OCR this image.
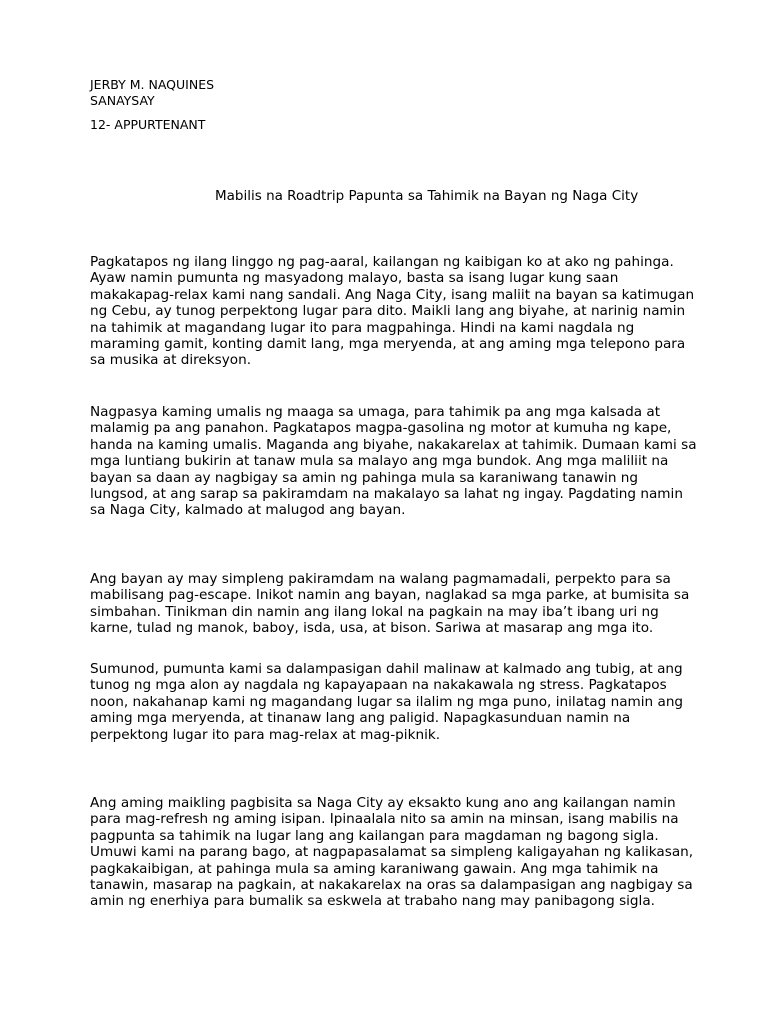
JERBY M. NAQUINES
SANAYSAY
12- APPURTENANT
Mabilis na Roadtrip Papunta sa Tahimik na Bayan ng Naga City

Pagkatapos ng ilang linggo ng pag-aaral, kailangan ng kaibigan ko at ako ng pahinga. Ayaw namin pumunta ng masyadong malayo, basta sa isang lugar kung saan makakapag-relax kami nang sandali. Ang Naga City, isang maliit na bayan sa katimugan ng Cebu, ay tunog perpektong lugar para dito. Maikli lang ang biyahe, at narinig namin na tahimik at magandang lugar ito para magpahinga. Hindi na kami nagdala ng maraming gamit, konting damit lang, mga meryenda, at ang aming mga telepono para sa musika at direksyon.

Nagpasya kaming umalis ng maaga sa umaga, para tahimik pa ang mga kalsada at malamig pa ang panahon. Pagkatapos magpa-gasolina ng motor at kumuha ng kape, handa na kaming umalis. Maganda ang biyahe, nakakarelax at tahimik. Dumaan kami sa mga luntiang bukirin at tanaw mula sa malayo ang mga bundok. Ang mga maliliit na bayan sa daan ay nagbigay sa amin ng pahinga mula sa karaniwang tanawin ng lungsod, at ang sarap sa pakiramdam na makalayo sa lahat ng ingay. Pagdating namin sa Naga City, kalmado at malugod ang bayan.

Ang bayan ay may simpleng pakiramdam na walang pagmamadali, perpekto para sa mabilisang pag-escape. Inikot namin ang bayan, naglakad sa mga parke, at bumisita sa simbahan. Tinikman din namin ang ilang lokal na pagkain na may iba’t ibang uri ng karne, tulad ng manok, baboy, isda, usa, at bison. Sariwa at masarap ang mga ito.

Sumunod, pumunta kami sa dalampasigan dahil malinaw at kalmado ang tubig, at ang tunog ng mga alon ay nagdala ng kapayapaan na nakakawala ng stress. Pagkatapos noon, nakahanap kami ng magandang lugar sa ilalim ng mga puno, inilatag namin ang aming mga meryenda, at tinanaw lang ang paligid. Napagkasunduan namin na perpektong lugar ito para mag-relax at mag-piknik.

Ang aming maikling pagbisita sa Naga City ay eksakto kung ano ang kailangan namin para mag-refresh ng aming isipan. Ipinaalala nito sa amin na minsan, isang mabilis na pagpunta sa tahimik na lugar lang ang kailangan para magdaman ng bagong sigla. Umuwi kami na parang bago, at nagpapasalamat sa simpleng kaligayahan ng kalikasan, pagkakaibigan, at pahinga mula sa aming karaniwang gawain. Ang mga tahimik na tanawin, masarap na pagkain, at nakakarelax na oras sa dalampasigan ang nagbigay sa amin ng enerhiya para bumalik sa eskwela at trabaho nang may panibagong sigla.
